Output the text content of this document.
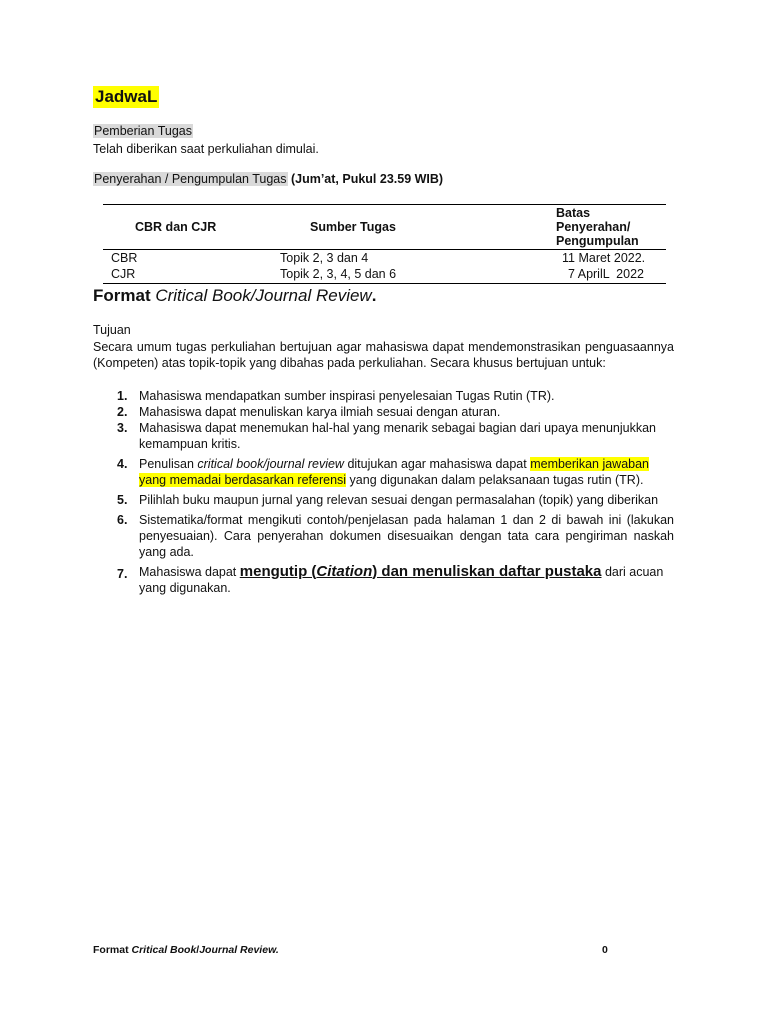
JadwaL
Pemberian Tugas
Telah diberikan saat perkuliahan dimulai.
Penyerahan / Pengumpulan Tugas (Jum’at, Pukul 23.59 WIB)
CBR dan CJR	Sumber Tugas	Batas Penyerahan/ Pengumpulan
CBR	Topik 2, 3 dan 4	11 Maret 2022.
CJR	Topik 2, 3, 4, 5 dan 6	7 AprilL  2022
Format Critical Book/Journal Review.
Tujuan
Secara umum tugas perkuliahan bertujuan agar mahasiswa dapat mendemonstrasikan penguasaannya (Kompeten) atas topik-topik yang dibahas pada perkuliahan. Secara khusus bertujuan untuk:
1. Mahasiswa mendapatkan sumber inspirasi penyelesaian Tugas Rutin (TR).
2. Mahasiswa dapat menuliskan karya ilmiah sesuai dengan aturan.
3. Mahasiswa dapat menemukan hal-hal yang menarik sebagai bagian dari upaya menunjukkan kemampuan kritis.
4. Penulisan critical book/journal review ditujukan agar mahasiswa dapat memberikan jawaban yang memadai berdasarkan referensi yang digunakan dalam pelaksanaan tugas rutin (TR).
5. Pilihlah buku maupun jurnal yang relevan sesuai dengan permasalahan (topik) yang diberikan
6. Sistematika/format mengikuti contoh/penjelasan pada halaman 1 dan 2 di bawah ini (lakukan penyesuaian). Cara penyerahan dokumen disesuaikan dengan tata cara pengiriman naskah yang ada.
7. Mahasiswa dapat mengutip (Citation) dan menuliskan daftar pustaka dari acuan yang digunakan.
Format Critical Book/Journal Review.	0
